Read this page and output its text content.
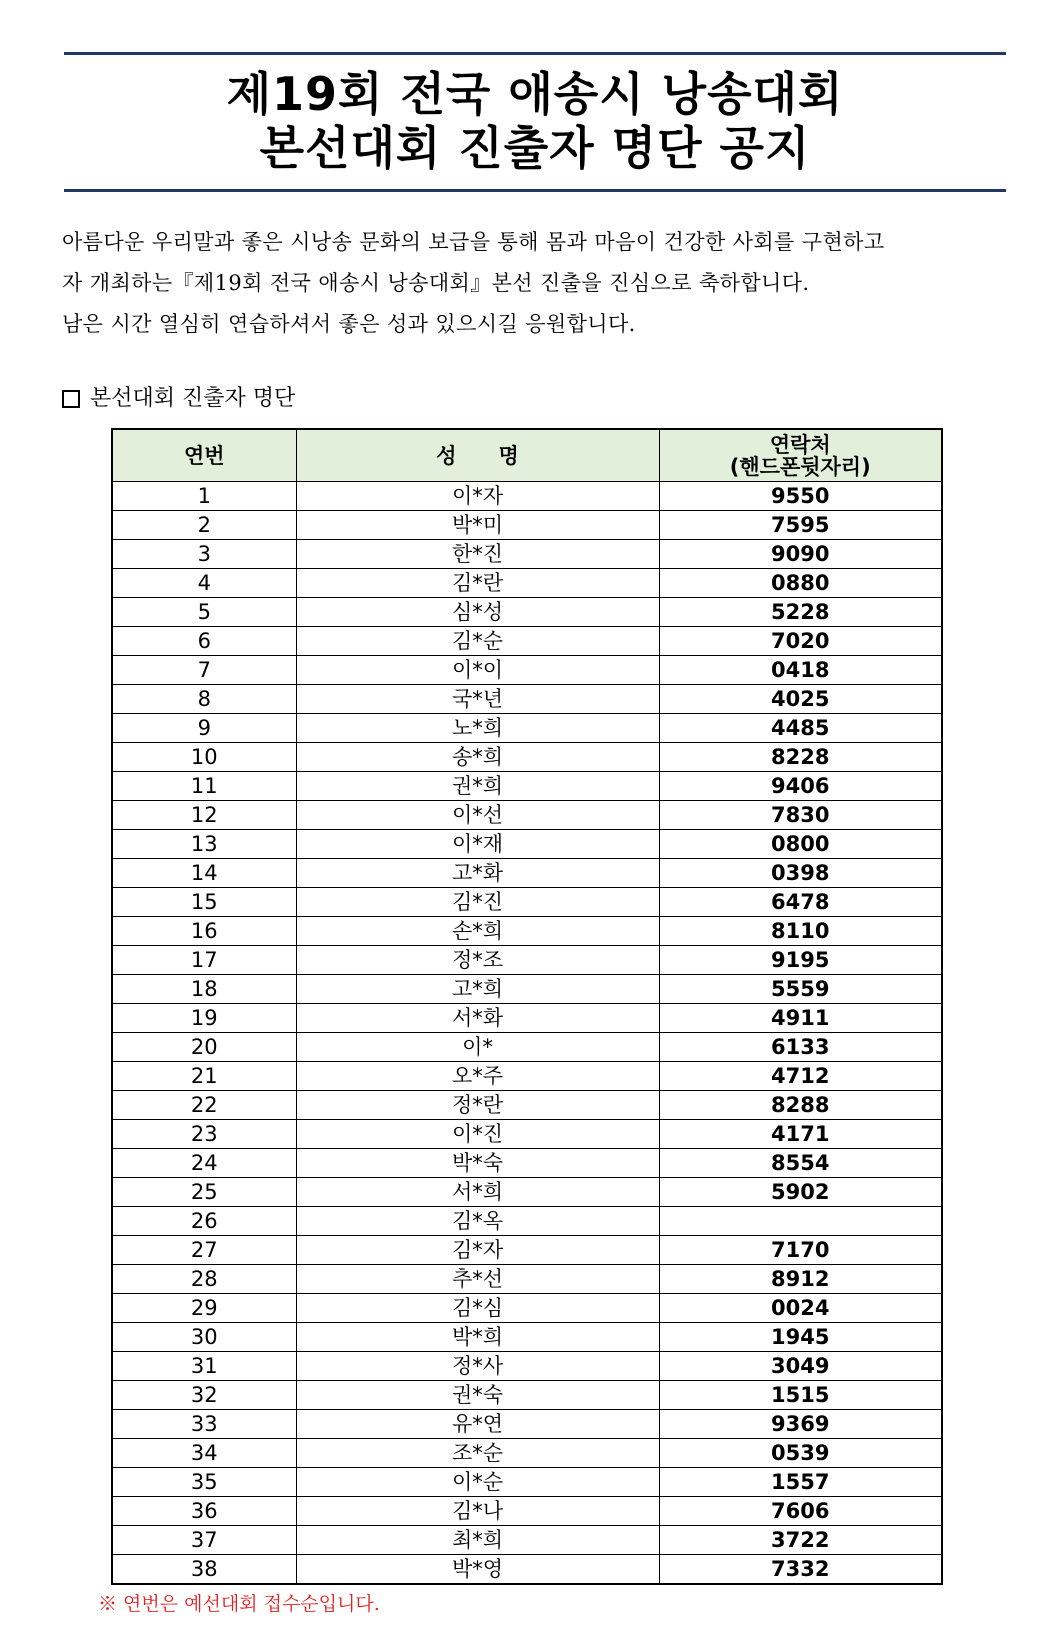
제19회 전국 애송시 낭송대회
본선대회 진출자 명단 공지

아름다운 우리말과 좋은 시낭송 문화의 보급을 통해 몸과 마음이 건강한 사회를 구현하고

자 개최하는『제19회 전국 애송시 낭송대회』본선 진출을 진심으로 축하합니다.

남은 시간 열심히 연습하셔서 좋은 성과 있으시길 응원합니다.

본선대회 진출자 명단
연번	성　　명	연락처
(핸드폰뒷자리)

1	이*자	9550
2	박*미	7595
3	한*진	9090
4	김*란	0880
5	심*성	5228
6	김*순	7020
7	이*이	0418
8	국*년	4025
9	노*희	4485
10	송*희	8228
11	권*희	9406
12	이*선	7830
13	이*재	0800
14	고*화	0398
15	김*진	6478
16	손*희	8110
17	정*조	9195
18	고*희	5559
19	서*화	4911
20	이*	6133
21	오*주	4712
22	정*란	8288
23	이*진	4171
24	박*숙	8554
25	서*희	5902
26	김*옥	
27	김*자	7170
28	추*선	8912
29	김*심	0024
30	박*희	1945
31	정*사	3049
32	권*숙	1515
33	유*연	9369
34	조*순	0539
35	이*순	1557
36	김*나	7606
37	최*희	3722
38	박*영	7332
※ 연번은 예선대회 접수순입니다.
